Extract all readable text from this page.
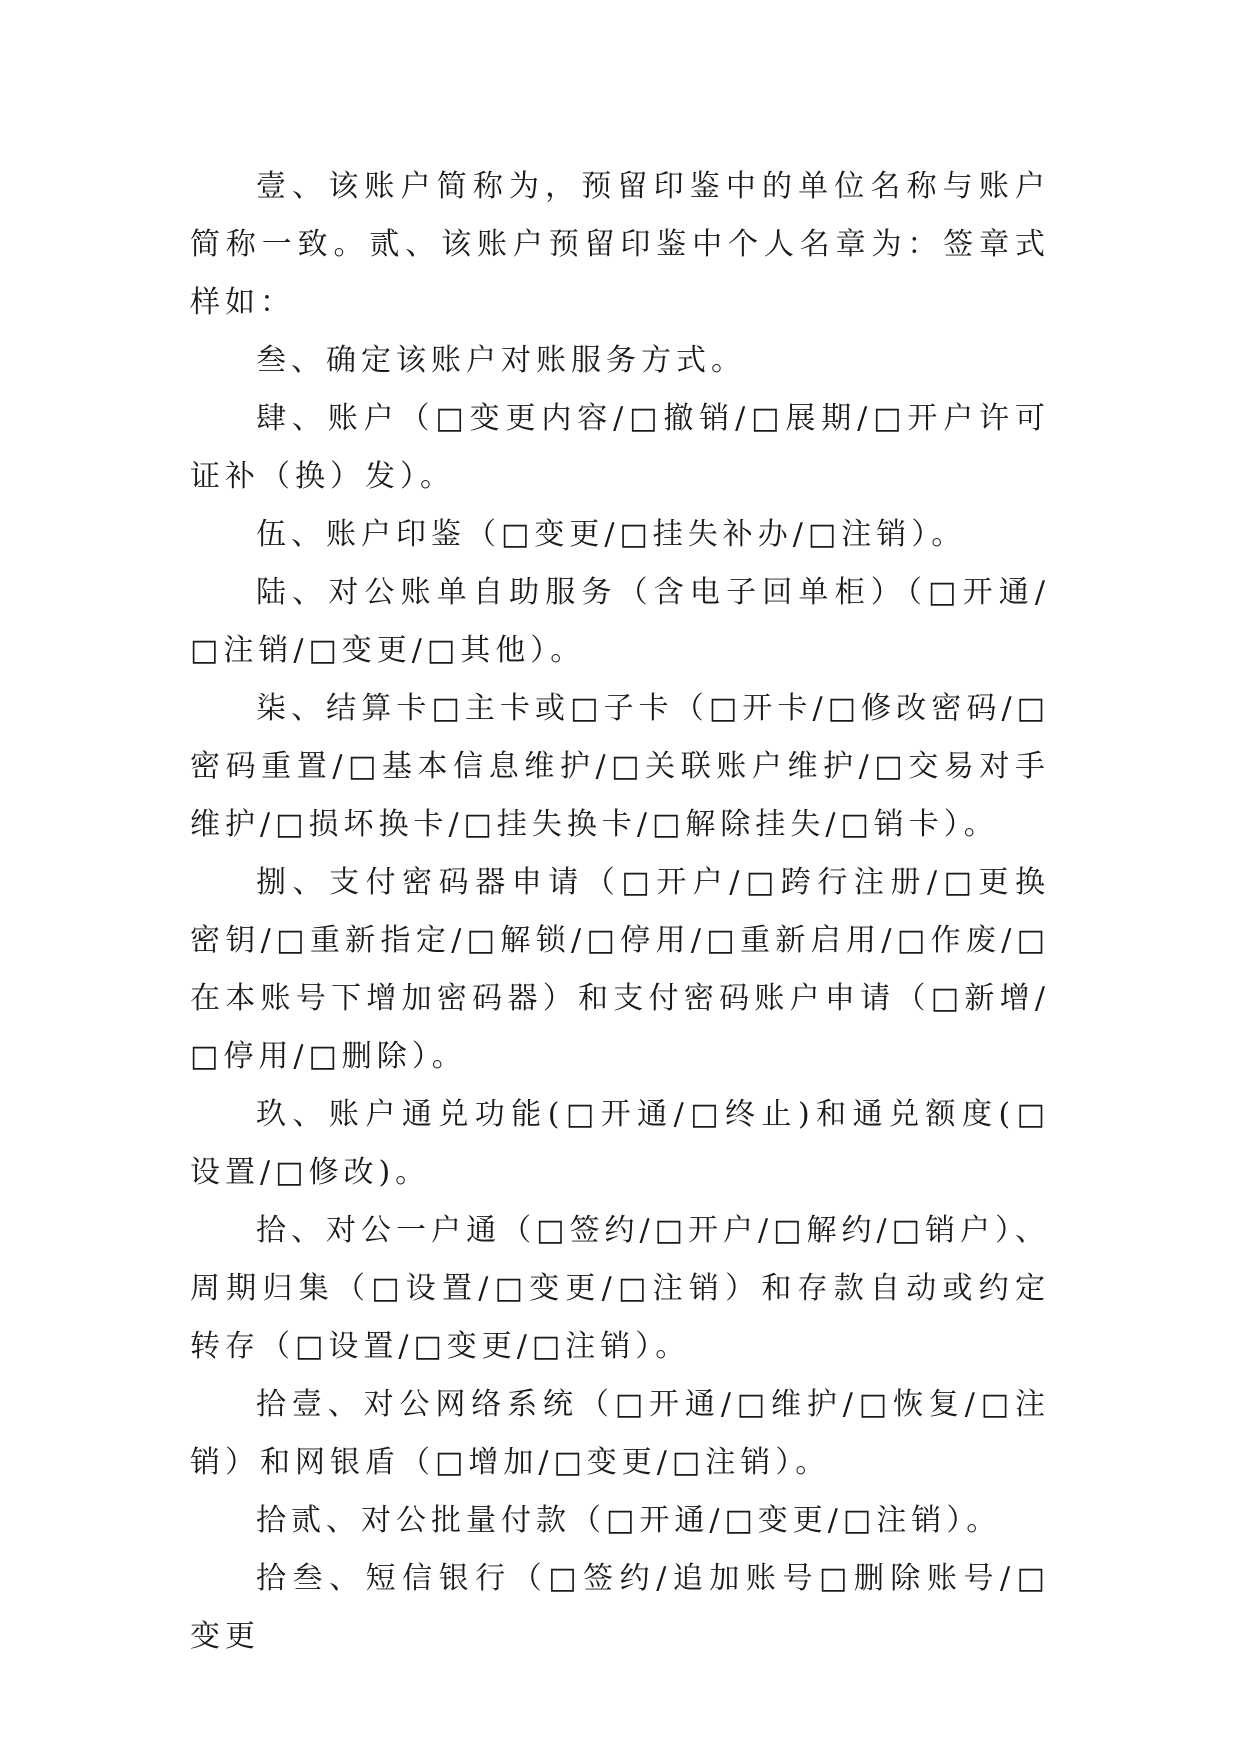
壹、该账户简称为，预留印鉴中的单位名称与账户简称一致。贰、该账户预留印鉴中个人名章为：签章式样如：

叁、确定该账户对账服务方式。

肆、账户（□变更内容/□撤销/□展期/□开户许可证补（换）发）。

伍、账户印鉴（□变更/□挂失补办/□注销）。

陆、对公账单自助服务（含电子回单柜）（□开通/□注销/□变更/□其他）。

柒、结算卡□主卡或□子卡（□开卡/□修改密码/□密码重置/□基本信息维护/□关联账户维护/□交易对手维护/□损坏换卡/□挂失换卡/□解除挂失/□销卡）。

捌、支付密码器申请（□开户/□跨行注册/□更换密钥/□重新指定/□解锁/□停用/□重新启用/□作废/□在本账号下增加密码器）和支付密码账户申请（□新增/□停用/□删除）。

玖、账户通兑功能(□开通/□终止)和通兑额度(□设置/□修改)。

拾、对公一户通（□签约/□开户/□解约/□销户）、周期归集（□设置/□变更/□注销）和存款自动或约定转存（□设置/□变更/□注销）。

拾壹、对公网络系统（□开通/□维护/□恢复/□注销）和网银盾（□增加/□变更/□注销）。

拾贰、对公批量付款（□开通/□变更/□注销）。

拾叁、短信银行（□签约/追加账号□删除账号/□变更
